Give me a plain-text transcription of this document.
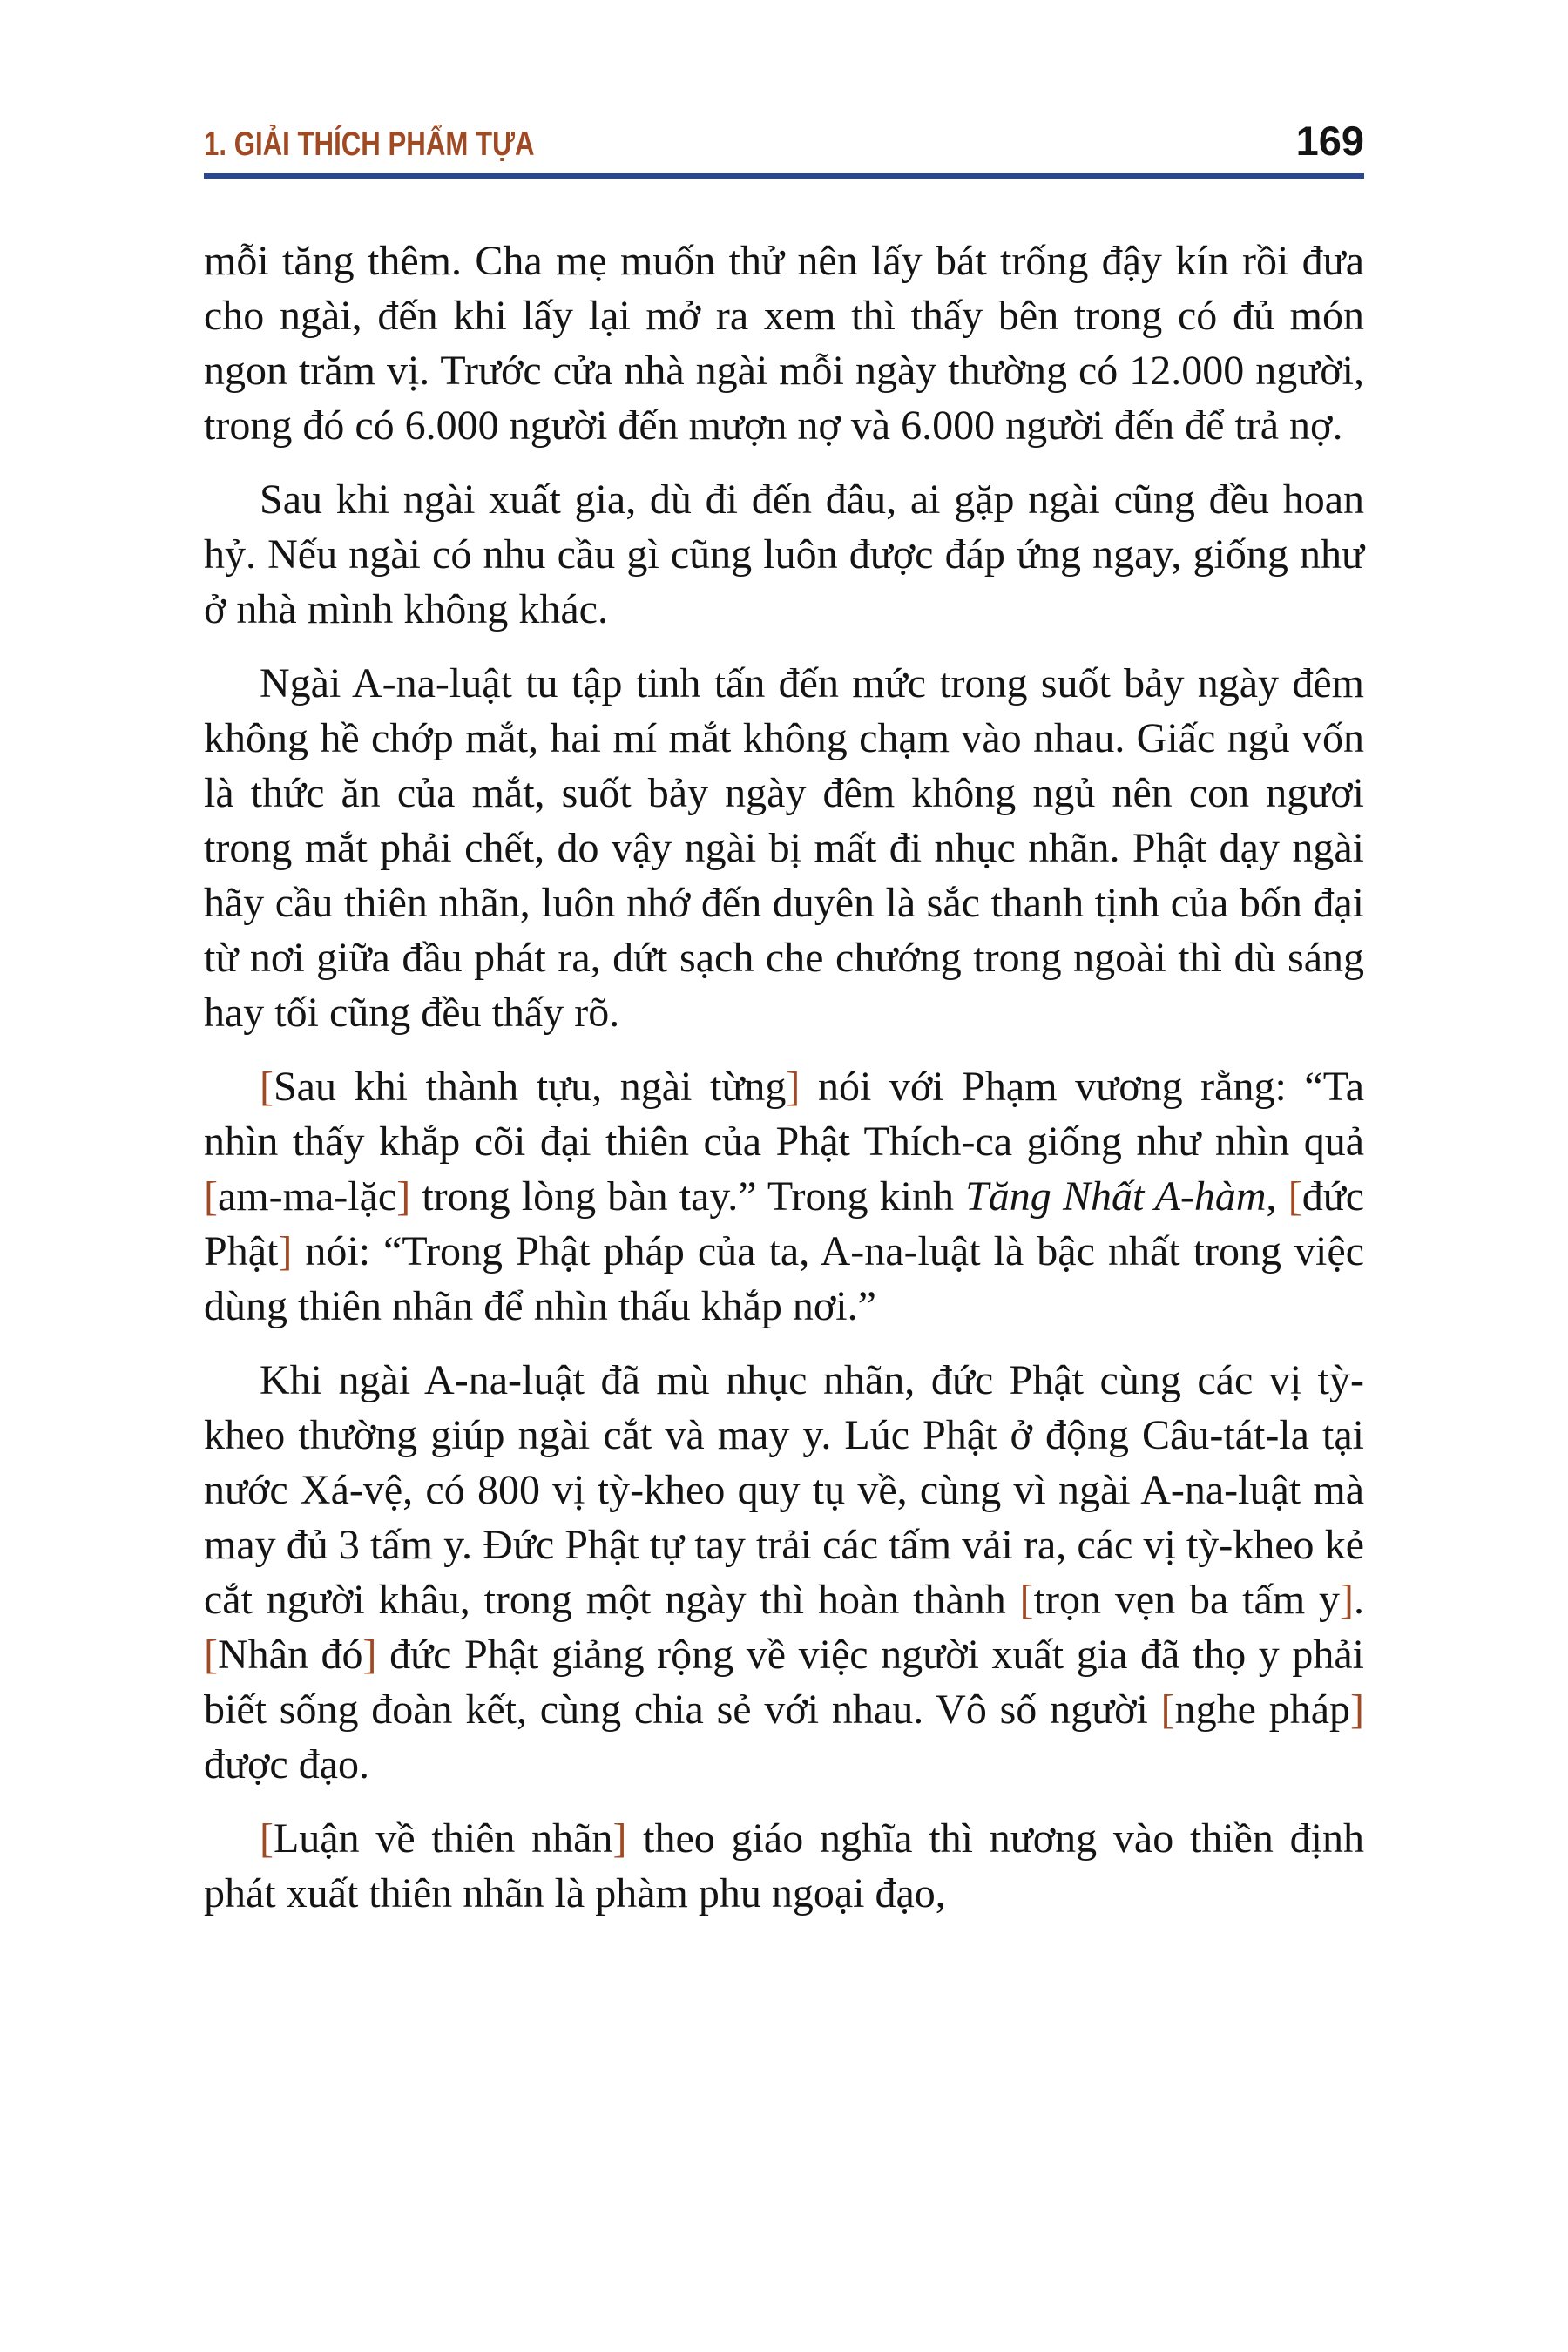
1. GIẢI THÍCH PHẨM TỰA	169

mỗi tăng thêm. Cha mẹ muốn thử nên lấy bát trống đậy kín rồi đưa cho ngài, đến khi lấy lại mở ra xem thì thấy bên trong có đủ món ngon trăm vị. Trước cửa nhà ngài mỗi ngày thường có 12.000 người, trong đó có 6.000 người đến mượn nợ và 6.000 người đến để trả nợ.

Sau khi ngài xuất gia, dù đi đến đâu, ai gặp ngài cũng đều hoan hỷ. Nếu ngài có nhu cầu gì cũng luôn được đáp ứng ngay, giống như ở nhà mình không khác.

Ngài A-na-luật tu tập tinh tấn đến mức trong suốt bảy ngày đêm không hề chớp mắt, hai mí mắt không chạm vào nhau. Giấc ngủ vốn là thức ăn của mắt, suốt bảy ngày đêm không ngủ nên con ngươi trong mắt phải chết, do vậy ngài bị mất đi nhục nhãn. Phật dạy ngài hãy cầu thiên nhãn, luôn nhớ đến duyên là sắc thanh tịnh của bốn đại từ nơi giữa đầu phát ra, dứt sạch che chướng trong ngoài thì dù sáng hay tối cũng đều thấy rõ.

[Sau khi thành tựu, ngài từng] nói với Phạm vương rằng: “Ta nhìn thấy khắp cõi đại thiên của Phật Thích-ca giống như nhìn quả [am-ma-lặc] trong lòng bàn tay.” Trong kinh Tăng Nhất A-hàm, [đức Phật] nói: “Trong Phật pháp của ta, A-na-luật là bậc nhất trong việc dùng thiên nhãn để nhìn thấu khắp nơi.”

Khi ngài A-na-luật đã mù nhục nhãn, đức Phật cùng các vị tỳ-kheo thường giúp ngài cắt và may y. Lúc Phật ở động Câu-tát-la tại nước Xá-vệ, có 800 vị tỳ-kheo quy tụ về, cùng vì ngài A-na-luật mà may đủ 3 tấm y. Đức Phật tự tay trải các tấm vải ra, các vị tỳ-kheo kẻ cắt người khâu, trong một ngày thì hoàn thành [trọn vẹn ba tấm y]. [Nhân đó] đức Phật giảng rộng về việc người xuất gia đã thọ y phải biết sống đoàn kết, cùng chia sẻ với nhau. Vô số người [nghe pháp] được đạo.

[Luận về thiên nhãn] theo giáo nghĩa thì nương vào thiền định phát xuất thiên nhãn là phàm phu ngoại đạo,
